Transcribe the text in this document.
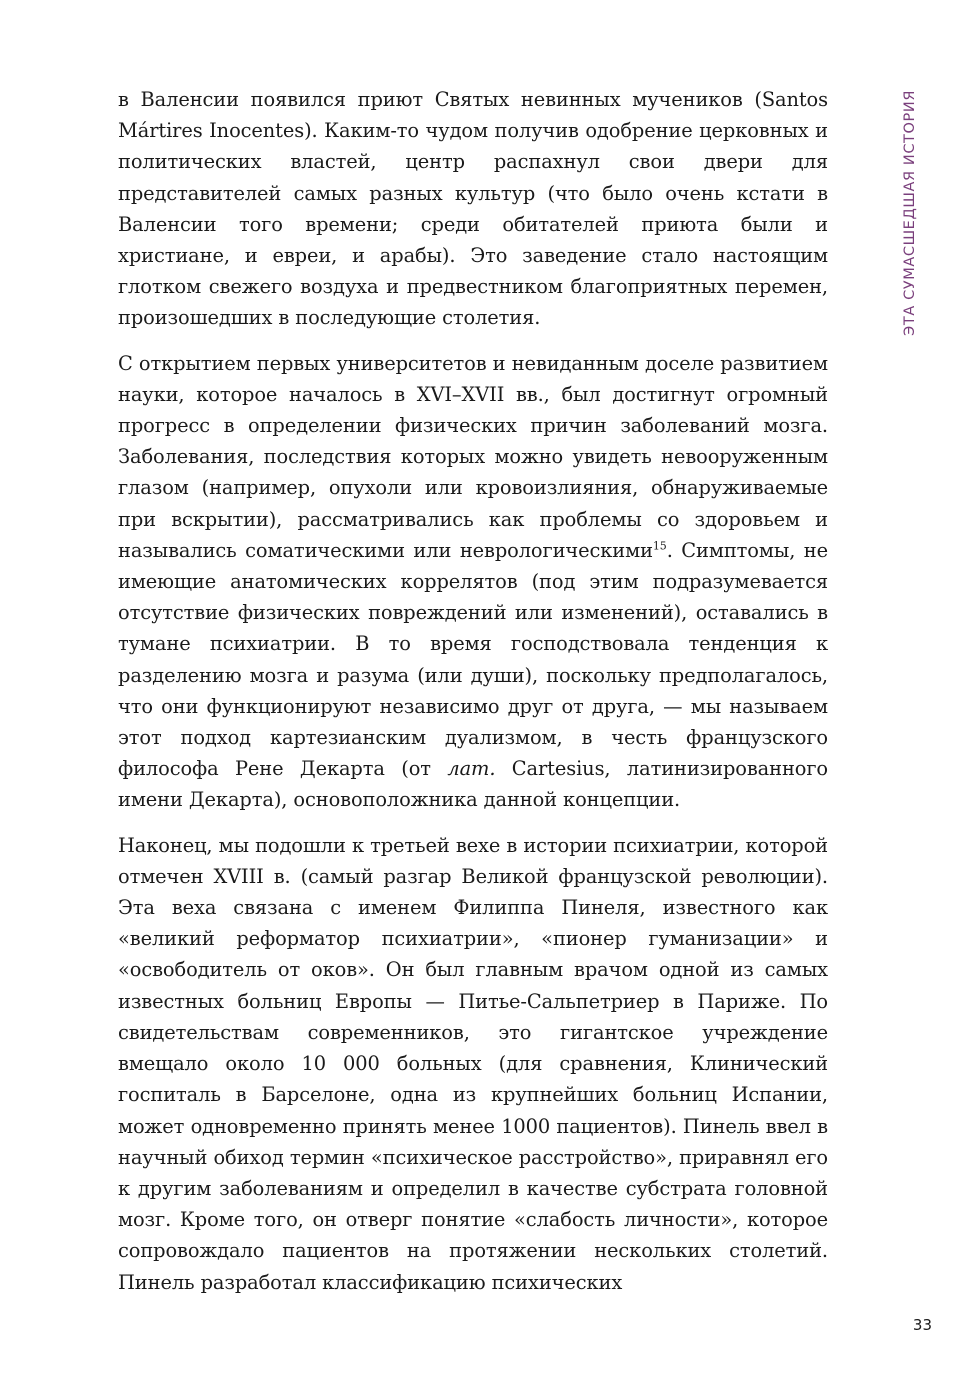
в Валенсии появился приют Святых невинных мучеников (Santos Mártires Inocentes). Каким-то чудом получив одобрение церковных и политических властей, центр распахнул свои двери для представителей самых разных культур (что было очень кстати в Валенсии того времени; среди обитателей приюта были и христиане, и евреи, и арабы). Это заведение стало настоящим глотком свежего воздуха и предвестником благоприятных перемен, произошедших в последующие столетия.

С открытием первых университетов и невиданным доселе развитием науки, которое началось в XVI–XVII вв., был достигнут огромный прогресс в определении физических причин заболеваний мозга. Заболевания, последствия которых можно увидеть невооруженным глазом (например, опухоли или кровоизлияния, обнаруживаемые при вскрытии), рассматривались как проблемы со здоровьем и назывались соматическими или неврологическими$^{15}$. Симптомы, не имеющие анатомических коррелятов (под этим подразумевается отсутствие физических повреждений или изменений), оставались в тумане психиатрии. В то время господствовала тенденция к разделению мозга и разума (или души), поскольку предполагалось, что они функционируют независимо друг от друга, — мы называем этот подход картезианским дуализмом, в честь французского философа Рене Декарта (от лат. Cartesius, латинизированного имени Декарта), основоположника данной концепции.

Наконец, мы подошли к третьей вехе в истории психиатрии, которой отмечен XVIII в. (самый разгар Великой французской революции). Эта веха связана с именем Филиппа Пинеля, известного как «великий реформатор психиатрии», «пионер гуманизации» и «освободитель от оков». Он был главным врачом одной из самых известных больниц Европы — Питье-Сальпетриер в Париже. По свидетельствам современников, это гигантское учреждение вмещало около 10 000 больных (для сравнения, Клинический госпиталь в Барселоне, одна из крупнейших больниц Испании, может одновременно принять менее 1000 пациентов). Пинель ввел в научный обиход термин «психическое расстройство», приравнял его к другим заболеваниям и определил в качестве субстрата головной мозг. Кроме того, он отверг понятие «слабость личности», которое сопровождало пациентов на протяжении нескольких столетий. Пинель разработал классификацию психических

ЭТА СУМАСШЕДШАЯ ИСТОРИЯ
33
